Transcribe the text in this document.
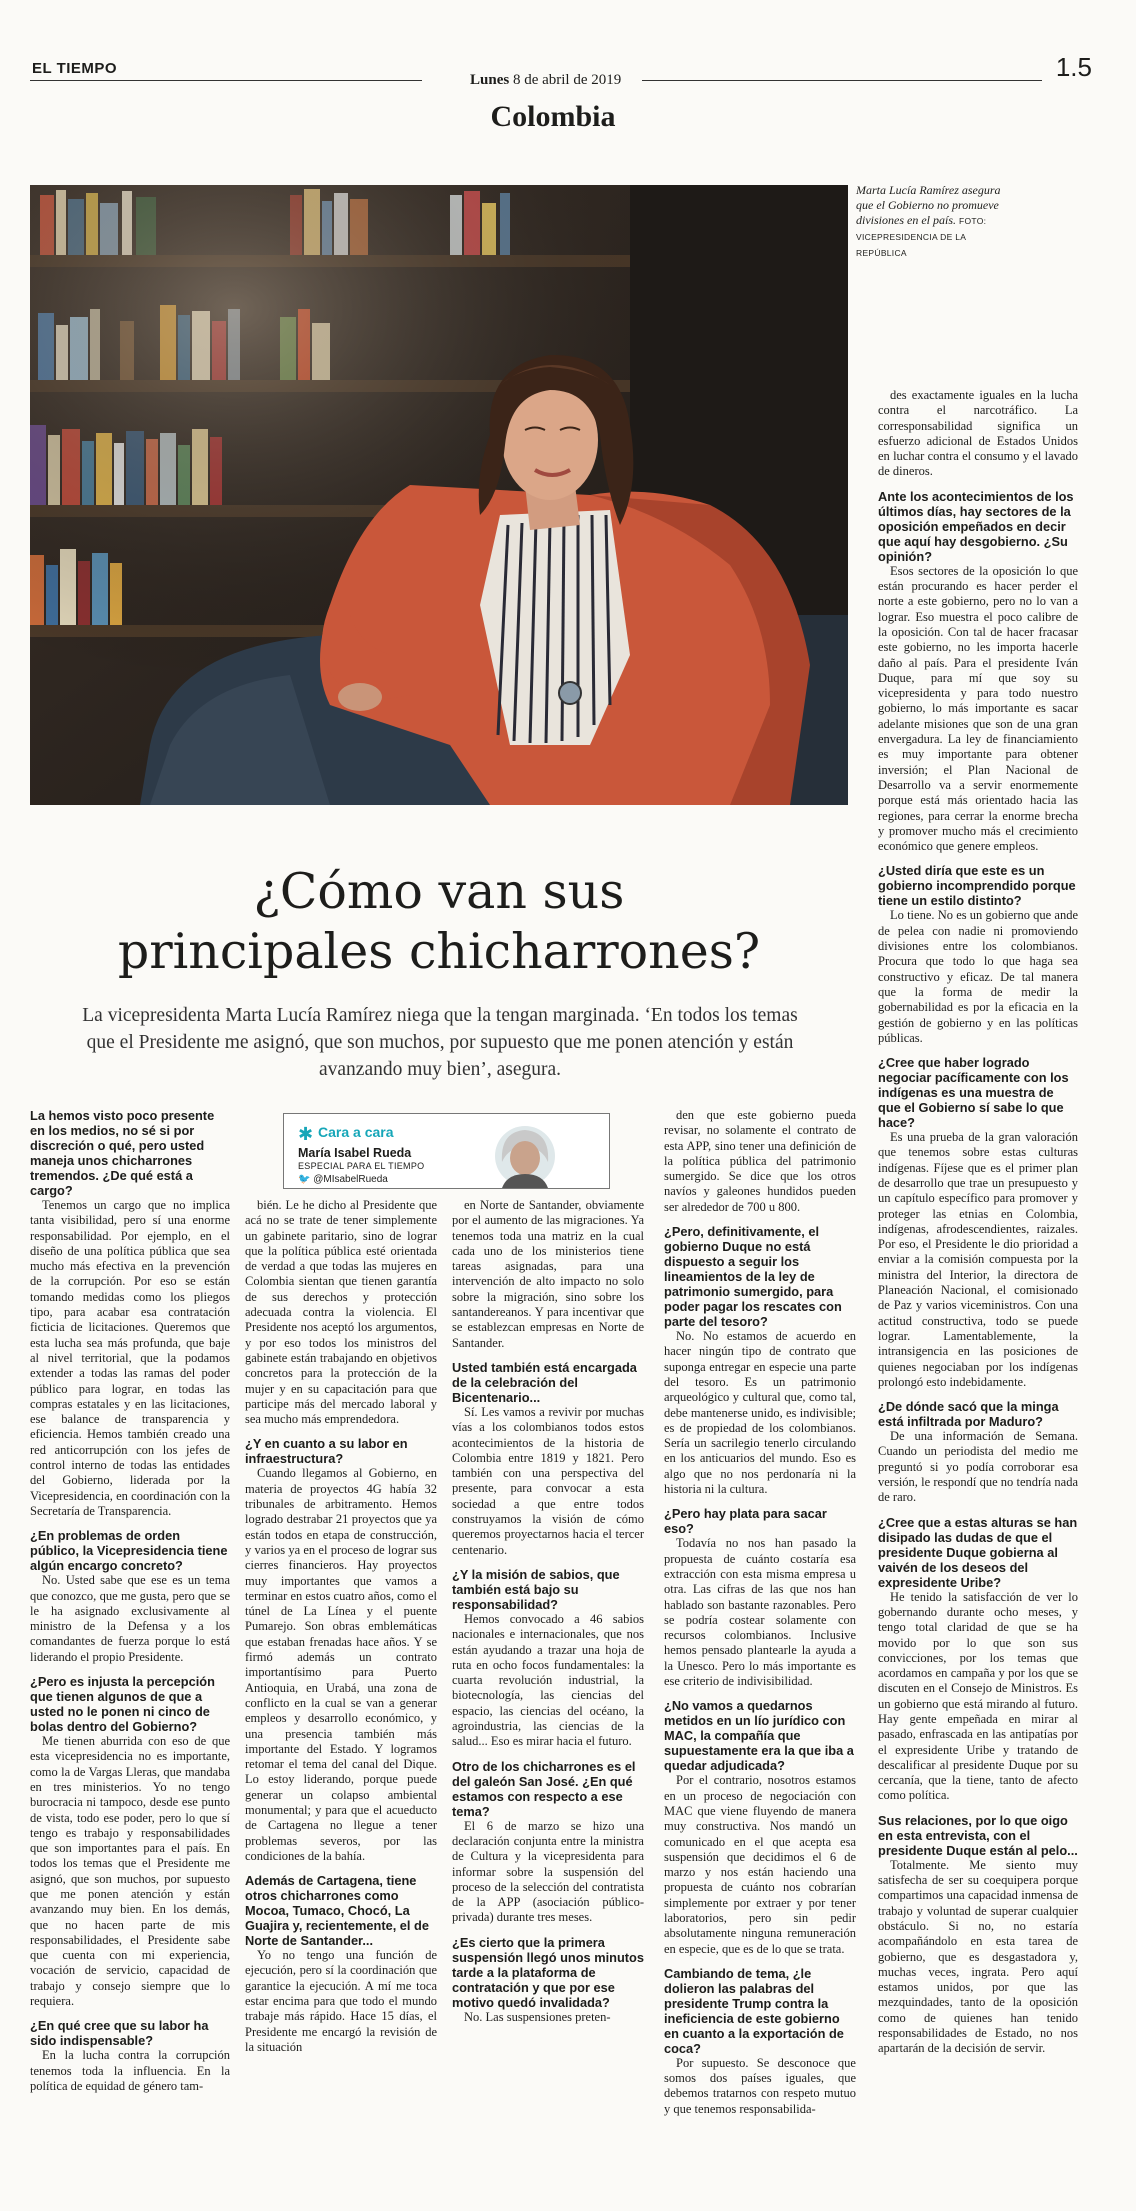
EL TIEMPO
Lunes 8 de abril de 2019	1.5
Colombia
Marta Lucía Ramírez asegura que el Gobierno no promueve divisiones en el país. FOTO:
VICEPRESIDENCIA DE LA REPÚBLICA
¿Cómo van sus
principales chicharrones?
La vicepresidenta Marta Lucía Ramírez niega que la tengan marginada. ‘En todos los temas que el Presidente me asignó, que son muchos, por supuesto que me ponen atención y están avanzando muy bien’, asegura.
✱ Cara a cara
María Isabel Rueda
ESPECIAL PARA EL TIEMPO
🐦 @MIsabelRueda
La hemos visto poco presente en los medios, no sé si por discreción o qué, pero usted maneja unos chicharrones tremendos. ¿De qué está a cargo?

Tenemos un cargo que no implica tanta visibilidad, pero sí una enorme responsabilidad. Por ejemplo, en el diseño de una política pública que sea mucho más efectiva en la prevención de la corrupción. Por eso se están tomando medidas como los pliegos tipo, para acabar esa contratación ficticia de licitaciones. Queremos que esta lucha sea más profunda, que baje al nivel territorial, que la podamos extender a todas las ramas del poder público para lograr, en todas las compras estatales y en las licitaciones, ese balance de transparencia y eficiencia. Hemos también creado una red anticorrupción con los jefes de control interno de todas las entidades del Gobierno, liderada por la Vicepresidencia, en coordinación con la Secretaría de Transparencia.

¿En problemas de orden público, la Vicepresidencia tiene algún encargo concreto?

No. Usted sabe que ese es un tema que conozco, que me gusta, pero que se le ha asignado exclusivamente al ministro de la Defensa y a los comandantes de fuerza porque lo está liderando el propio Presidente.

¿Pero es injusta la percepción que tienen algunos de que a usted no le ponen ni cinco de bolas dentro del Gobierno?

Me tienen aburrida con eso de que esta vicepresidencia no es importante, como la de Vargas Lleras, que mandaba en tres ministerios. Yo no tengo burocracia ni tampoco, desde ese punto de vista, todo ese poder, pero lo que sí tengo es trabajo y responsabilidades que son importantes para el país. En todos los temas que el Presidente me asignó, que son muchos, por supuesto que me ponen atención y están avanzando muy bien. En los demás, que no hacen parte de mis responsabilidades, el Presidente sabe que cuenta con mi experiencia, vocación de servicio, capacidad de trabajo y consejo siempre que lo requiera.

¿En qué cree que su labor ha sido indispensable?

En la lucha contra la corrupción tenemos toda la influencia. En la política de equidad de género tam-

bién. Le he dicho al Presidente que acá no se trate de tener simplemente un gabinete paritario, sino de lograr que la política pública esté orientada de verdad a que todas las mujeres en Colombia sientan que tienen garantía de sus derechos y protección adecuada contra la violencia. El Presidente nos aceptó los argumentos, y por eso todos los ministros del gabinete están trabajando en objetivos concretos para la protección de la mujer y en su capacitación para que participe más del mercado laboral y sea mucho más emprendedora.

¿Y en cuanto a su labor en infraestructura?

Cuando llegamos al Gobierno, en materia de proyectos 4G había 32 tribunales de arbitramento. Hemos logrado destrabar 21 proyectos que ya están todos en etapa de construcción, y varios ya en el proceso de lograr sus cierres financieros. Hay proyectos muy importantes que vamos a terminar en estos cuatro años, como el túnel de La Línea y el puente Pumarejo. Son obras emblemáticas que estaban frenadas hace años. Y se firmó además un contrato importantísimo para Puerto Antioquia, en Urabá, una zona de conflicto en la cual se van a generar empleos y desarrollo económico, y una presencia también más importante del Estado. Y logramos retomar el tema del canal del Dique. Lo estoy liderando, porque puede generar un colapso ambiental monumental; y para que el acueducto de Cartagena no llegue a tener problemas severos, por las condiciones de la bahía.

Además de Cartagena, tiene otros chicharrones como Mocoa, Tumaco, Chocó, La Guajira y, recientemente, el de Norte de Santander...

Yo no tengo una función de ejecución, pero sí la coordinación que garantice la ejecución. A mí me toca estar encima para que todo el mundo trabaje más rápido. Hace 15 días, el Presidente me encargó la revisión de la situación

en Norte de Santander, obviamente por el aumento de las migraciones. Ya tenemos toda una matriz en la cual cada uno de los ministerios tiene tareas asignadas, para una intervención de alto impacto no solo sobre la migración, sino sobre los santandereanos. Y para incentivar que se establezcan empresas en Norte de Santander.

Usted también está encargada de la celebración del Bicentenario...

Sí. Les vamos a revivir por muchas vías a los colombianos todos estos acontecimientos de la historia de Colombia entre 1819 y 1821. Pero también con una perspectiva del presente, para convocar a esta sociedad a que entre todos construyamos la visión de cómo queremos proyectarnos hacia el tercer centenario.

¿Y la misión de sabios, que también está bajo su responsabilidad?

Hemos convocado a 46 sabios nacionales e internacionales, que nos están ayudando a trazar una hoja de ruta en ocho focos fundamentales: la cuarta revolución industrial, la biotecnología, las ciencias del espacio, las ciencias del océano, la agroindustria, las ciencias de la salud... Eso es mirar hacia el futuro.

Otro de los chicharrones es el del galeón San José. ¿En qué estamos con respecto a ese tema?

El 6 de marzo se hizo una declaración conjunta entre la ministra de Cultura y la vicepresidenta para informar sobre la suspensión del proceso de la selección del contratista de la APP (asociación público-privada) durante tres meses.

¿Es cierto que la primera suspensión llegó unos minutos tarde a la plataforma de contratación y que por ese motivo quedó invalidada?

No. Las suspensiones preten-

den que este gobierno pueda revisar, no solamente el contrato de esta APP, sino tener una definición de la política pública del patrimonio sumergido. Se dice que los otros navíos y galeones hundidos pueden ser alrededor de 700 u 800.

¿Pero, definitivamente, el gobierno Duque no está dispuesto a seguir los lineamientos de la ley de patrimonio sumergido, para poder pagar los rescates con parte del tesoro?

No. No estamos de acuerdo en hacer ningún tipo de contrato que suponga entregar en especie una parte del tesoro. Es un patrimonio arqueológico y cultural que, como tal, debe mantenerse unido, es indivisible; es de propiedad de los colombianos. Sería un sacrilegio tenerlo circulando en los anticuarios del mundo. Eso es algo que no nos perdonaría ni la historia ni la cultura.

¿Pero hay plata para sacar eso?

Todavía no nos han pasado la propuesta de cuánto costaría esa extracción con esta misma empresa u otra. Las cifras de las que nos han hablado son bastante razonables. Pero se podría costear solamente con recursos colombianos. Inclusive hemos pensado plantearle la ayuda a la Unesco. Pero lo más importante es ese criterio de indivisibilidad.

¿No vamos a quedarnos metidos en un lío jurídico con MAC, la compañía que supuestamente era la que iba a quedar adjudicada?

Por el contrario, nosotros estamos en un proceso de negociación con MAC que viene fluyendo de manera muy constructiva. Nos mandó un comunicado en el que acepta esa suspensión que decidimos el 6 de marzo y nos están haciendo una propuesta de cuánto nos cobrarían simplemente por extraer y por tener laboratorios, pero sin pedir absolutamente ninguna remuneración en especie, que es de lo que se trata.

Cambiando de tema, ¿le dolieron las palabras del presidente Trump contra la ineficiencia de este gobierno en cuanto a la exportación de coca?

Por supuesto. Se desconoce que somos dos países iguales, que debemos tratarnos con respeto mutuo y que tenemos responsabilida-

des exactamente iguales en la lucha contra el narcotráfico. La corresponsabilidad significa un esfuerzo adicional de Estados Unidos en luchar contra el consumo y el lavado de dineros.

Ante los acontecimientos de los últimos días, hay sectores de la oposición empeñados en decir que aquí hay desgobierno. ¿Su opinión?

Esos sectores de la oposición lo que están procurando es hacer perder el norte a este gobierno, pero no lo van a lograr. Eso muestra el poco calibre de la oposición. Con tal de hacer fracasar este gobierno, no les importa hacerle daño al país. Para el presidente Iván Duque, para mí que soy su vicepresidenta y para todo nuestro gobierno, lo más importante es sacar adelante misiones que son de una gran envergadura. La ley de financiamiento es muy importante para obtener inversión; el Plan Nacional de Desarrollo va a servir enormemente porque está más orientado hacia las regiones, para cerrar la enorme brecha y promover mucho más el crecimiento económico que genere empleos.

¿Usted diría que este es un gobierno incomprendido porque tiene un estilo distinto?

Lo tiene. No es un gobierno que ande de pelea con nadie ni promoviendo divisiones entre los colombianos. Procura que todo lo que haga sea constructivo y eficaz. De tal manera que la forma de medir la gobernabilidad es por la eficacia en la gestión de gobierno y en las políticas públicas.

¿Cree que haber logrado negociar pacíficamente con los indígenas es una muestra de que el Gobierno sí sabe lo que hace?

Es una prueba de la gran valoración que tenemos sobre estas culturas indígenas. Fíjese que es el primer plan de desarrollo que trae un presupuesto y un capítulo específico para promover y proteger las etnias en Colombia, indígenas, afrodescendientes, raizales. Por eso, el Presidente le dio prioridad a enviar a la comisión compuesta por la ministra del Interior, la directora de Planeación Nacional, el comisionado de Paz y varios viceministros. Con una actitud constructiva, todo se puede lograr. Lamentablemente, la intransigencia en las posiciones de quienes negociaban por los indígenas prolongó esto indebidamente.

¿De dónde sacó que la minga está infiltrada por Maduro?

De una información de Semana. Cuando un periodista del medio me preguntó si yo podía corroborar esa versión, le respondí que no tendría nada de raro.

¿Cree que a estas alturas se han disipado las dudas de que el presidente Duque gobierna al vaivén de los deseos del expresidente Uribe?

He tenido la satisfacción de ver lo gobernando durante ocho meses, y tengo total claridad de que se ha movido por lo que son sus convicciones, por los temas que acordamos en campaña y por los que se discuten en el Consejo de Ministros. Es un gobierno que está mirando al futuro. Hay gente empeñada en mirar al pasado, enfrascada en las antipatías por el expresidente Uribe y tratando de descalificar al presidente Duque por su cercanía, que la tiene, tanto de afecto como política.

Sus relaciones, por lo que oigo en esta entrevista, con el presidente Duque están al pelo...

Totalmente. Me siento muy satisfecha de ser su coequipera porque compartimos una capacidad inmensa de trabajo y voluntad de superar cualquier obstáculo. Si no, no estaría acompañándolo en esta tarea de gobierno, que es desgastadora y, muchas veces, ingrata. Pero aquí estamos unidos, por que las mezquindades, tanto de la oposición como de quienes han tenido responsabilidades de Estado, no nos apartarán de la decisión de servir.
